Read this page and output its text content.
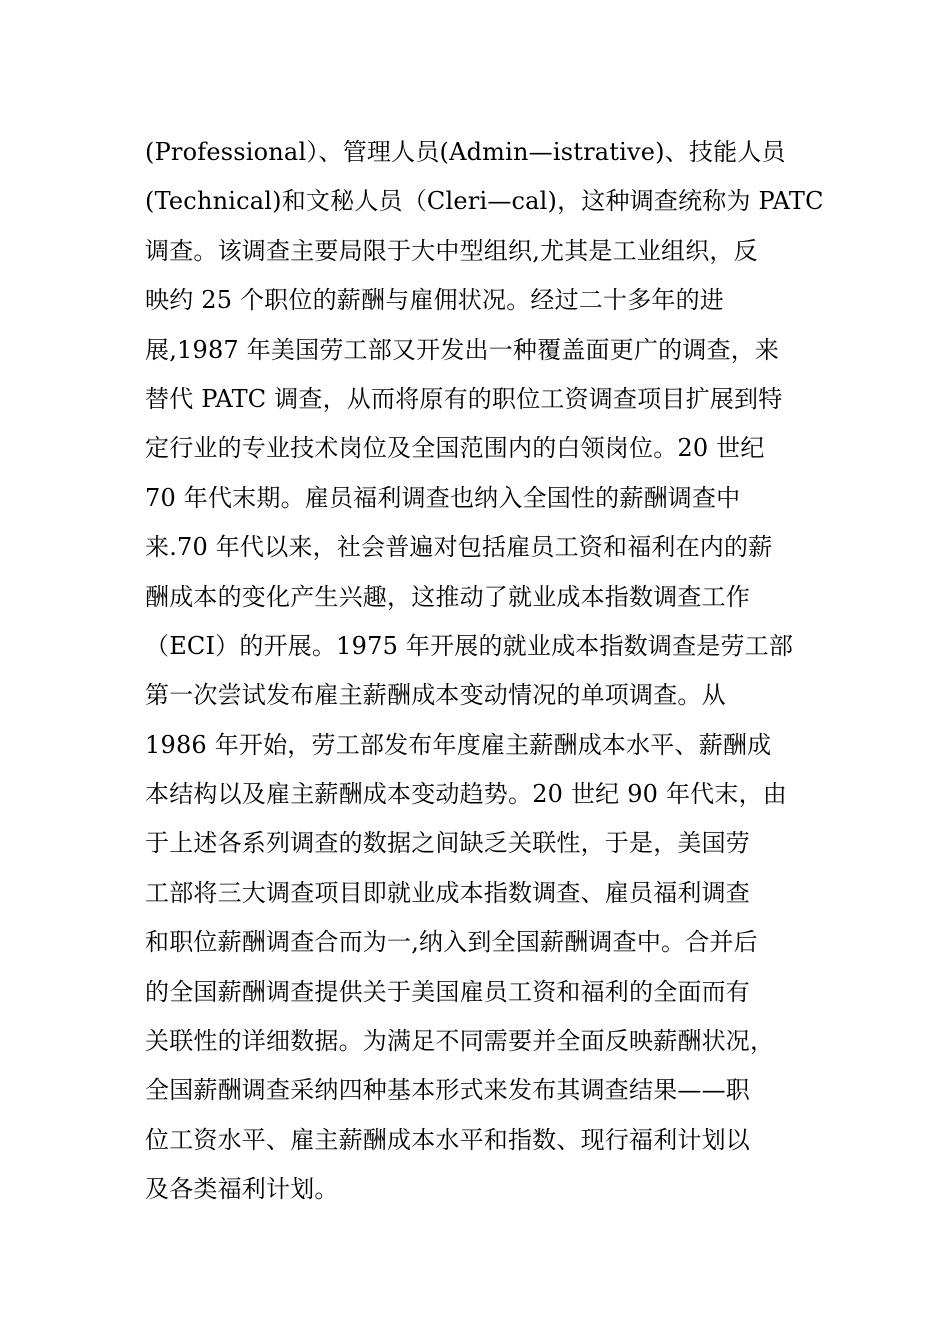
(Professional）、管理人员(Admin—istrative)、技能人员
(Technical)和文秘人员（Cleri—cal)，这种调查统称为 PATC
调查。该调查主要局限于大中型组织,尤其是工业组织，反
映约 25 个职位的薪酬与雇佣状况。经过二十多年的进
展,1987 年美国劳工部又开发出一种覆盖面更广的调查，来
替代 PATC 调查，从而将原有的职位工资调查项目扩展到特
定行业的专业技术岗位及全国范围内的白领岗位。20 世纪
70 年代末期。雇员福利调查也纳入全国性的薪酬调查中
来.70 年代以来，社会普遍对包括雇员工资和福利在内的薪
酬成本的变化产生兴趣，这推动了就业成本指数调查工作
（ECI）的开展。1975 年开展的就业成本指数调查是劳工部
第一次尝试发布雇主薪酬成本变动情况的单项调查。从
1986 年开始，劳工部发布年度雇主薪酬成本水平、薪酬成
本结构以及雇主薪酬成本变动趋势。20 世纪 90 年代末，由
于上述各系列调查的数据之间缺乏关联性，于是，美国劳
工部将三大调查项目即就业成本指数调查、雇员福利调查
和职位薪酬调查合而为一,纳入到全国薪酬调查中。合并后
的全国薪酬调查提供关于美国雇员工资和福利的全面而有
关联性的详细数据。为满足不同需要并全面反映薪酬状况，
全国薪酬调查采纳四种基本形式来发布其调查结果——职
位工资水平、雇主薪酬成本水平和指数、现行福利计划以
及各类福利计划。
